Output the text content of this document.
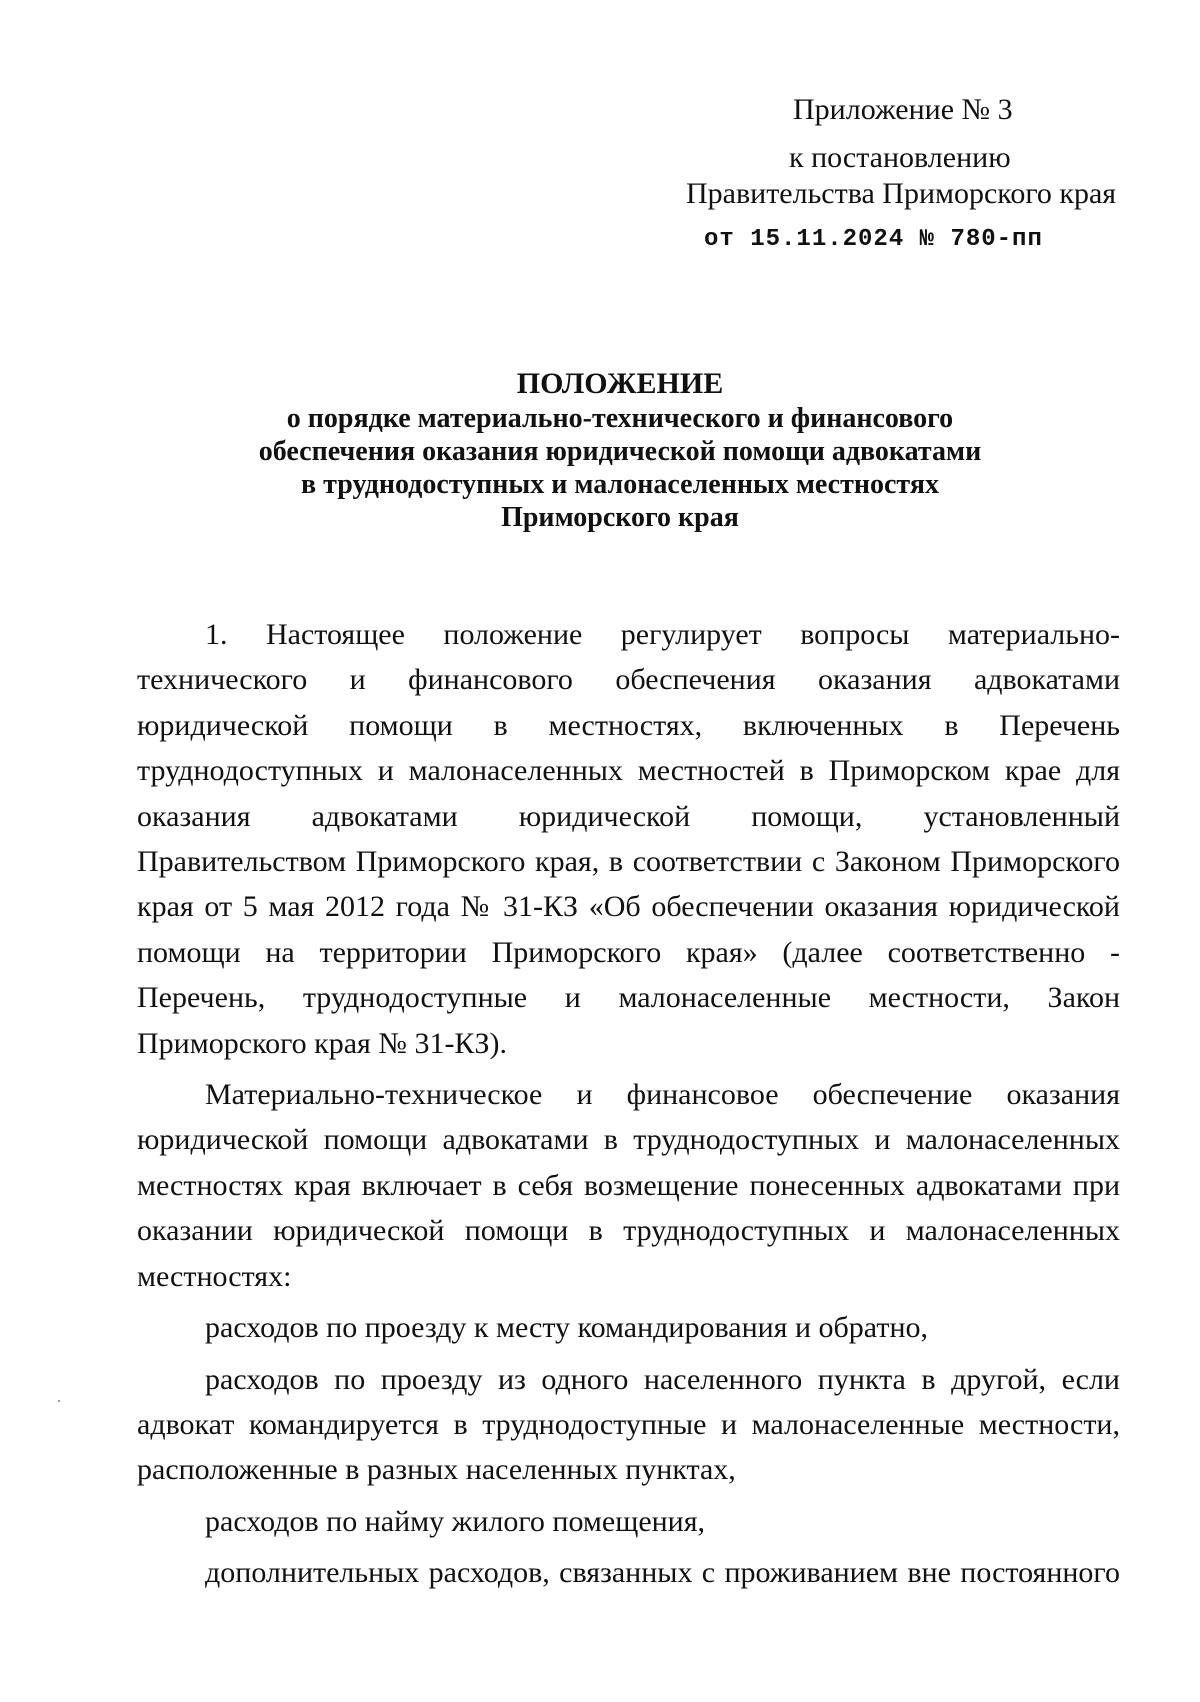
Приложение № 3
к постановлению
Правительства Приморского края
от 15.11.2024 № 780-пп
ПОЛОЖЕНИЕ
о порядке материально-технического и финансового
обеспечения оказания юридической помощи адвокатами
в труднодоступных и малонаселенных местностях
Приморского края

1. Настоящее положение регулирует вопросы материально-технического и финансового обеспечения оказания адвокатами юридической помощи в местностях, включенных в Перечень труднодоступных и малонаселенных местностей в Приморском крае для оказания адвокатами юридической помощи, установленный Правительством Приморского края, в соответствии с Законом Приморского края от 5 мая 2012 года № 31-КЗ «Об обеспечении оказания юридической помощи на территории Приморского края» (далее соответственно - Перечень, труднодоступные и малонаселенные местности, Закон Приморского края № 31-КЗ).

Материально-техническое и финансовое обеспечение оказания юридической помощи адвокатами в труднодоступных и малонаселенных местностях края включает в себя возмещение понесенных адвокатами при оказании юридической помощи в труднодоступных и малонаселенных местностях:

расходов по проезду к месту командирования и обратно,

расходов по проезду из одного населенного пункта в другой, если адвокат командируется в труднодоступные и малонаселенные местности, расположенные в разных населенных пунктах,

расходов по найму жилого помещения,

дополнительных расходов, связанных с проживанием вне постоянного
